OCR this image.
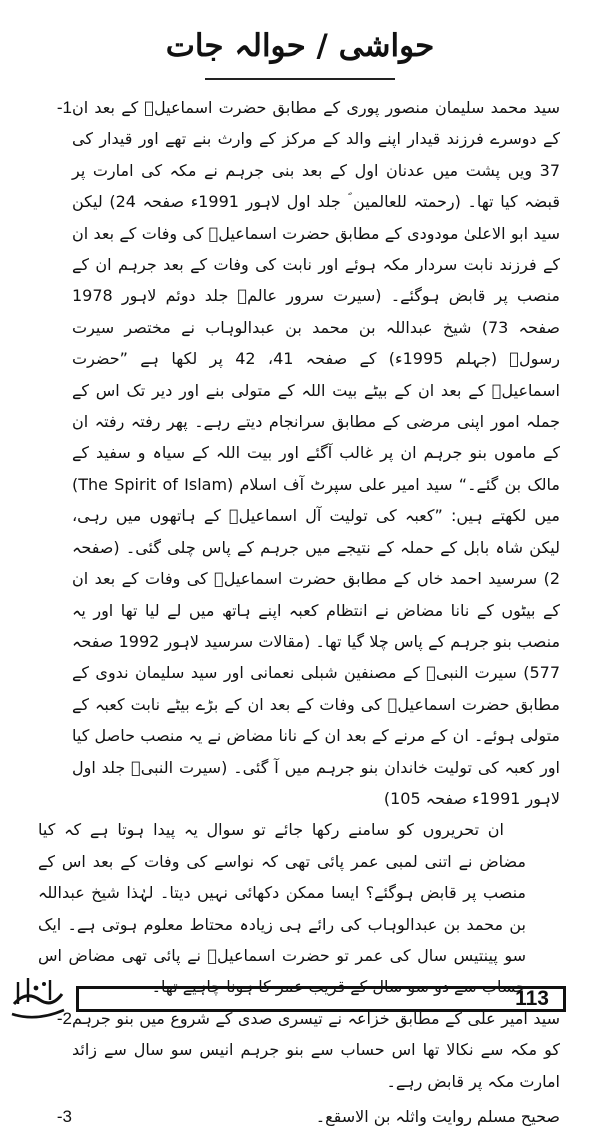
حواشی / حوالہ جات

سید محمد سلیمان منصور پوری کے مطابق حضرت اسماعیلؑ کے بعد ان کے دوسرے فرزند قیدار اپنے والد کے مرکز کے وارث بنے تھے اور قیدار کی 37 ویں پشت میں عدنان اول کے بعد بنی جرہم نے مکہ کی امارت پر قبضہ کیا تھا۔ (رحمتہ للعالمین ؐ جلد اول لاہور 1991ء صفحہ 24) لیکن سید ابو الاعلیٰ مودودی کے مطابق حضرت اسماعیلؑ کی وفات کے بعد ان کے فرزند نابت سردار مکہ ہوئے اور نابت کی وفات کے بعد جرہم ان کے منصب پر قابض ہوگئے۔ (سیرت سرور عالمؐ جلد دوئم لاہور 1978 صفحہ 73) شیخ عبداللہ بن محمد بن عبدالوہاب نے مختصر سیرت رسولؐ (جہلم 1995ء) کے صفحہ 41، 42 پر لکھا ہے ”حضرت اسماعیلؑ کے بعد ان کے بیٹے بیت اللہ کے متولی بنے اور دیر تک اس کے جملہ امور اپنی مرضی کے مطابق سرانجام دیتے رہے۔ پھر رفتہ رفتہ ان کے ماموں بنو جرہم ان پر غالب آگئے اور بیت اللہ کے سیاہ و سفید کے مالک بن گئے۔“ سید امیر علی سپرٹ آف اسلام (The Spirit of Islam) میں لکھتے ہیں: ”کعبہ کی تولیت آل اسماعیلؑ کے ہاتھوں میں رہی، لیکن شاہ بابل کے حملہ کے نتیجے میں جرہم کے پاس چلی گئی۔ (صفحہ 2) سرسید احمد خاں کے مطابق حضرت اسماعیلؑ کی وفات کے بعد ان کے بیٹوں کے نانا مضاض نے انتظام کعبہ اپنے ہاتھ میں لے لیا تھا اور یہ منصب بنو جرہم کے پاس چلا گیا تھا۔ (مقالات سرسید لاہور 1992 صفحہ 577) سیرت النبیؐ کے مصنفین شبلی نعمانی اور سید سلیمان ندوی کے مطابق حضرت اسماعیلؑ کی وفات کے بعد ان کے بڑے بیٹے نابت کعبہ کے متولی ہوئے۔ ان کے مرنے کے بعد ان کے نانا مضاض نے یہ منصب حاصل کیا اور کعبہ کی تولیت خاندان بنو جرہم میں آ گئی۔ (سیرت النبیؐ جلد اول لاہور 1991ء صفحہ 105)

-1

ان تحریروں کو سامنے رکھا جائے تو سوال یہ پیدا ہوتا ہے کہ کیا مضاض نے اتنی لمبی عمر پائی تھی کہ نواسے کی وفات کے بعد اس کے منصب پر قابض ہوگئے؟ ایسا ممکن دکھائی نہیں دیتا۔ لہٰذا شیخ عبداللہ بن محمد بن عبدالوہاب کی رائے ہی زیادہ محتاط معلوم ہوتی ہے۔ ایک سو پینتیس سال کی عمر تو حضرت اسماعیلؑ نے پائی تھی مضاض اس حساب سے دو سو سال کے قریب عمر کا ہونا چاہیے تھا۔

سید امیر علی کے مطابق خزاعہ نے تیسری صدی کے شروع میں بنو جرہم کو مکہ سے نکالا تھا اس حساب سے بنو جرہم انیس سو سال سے زائد امارت مکہ پر قابض رہے۔

-2

صحیح مسلم روایت واثلہ بن الاسقع۔

-3
113
